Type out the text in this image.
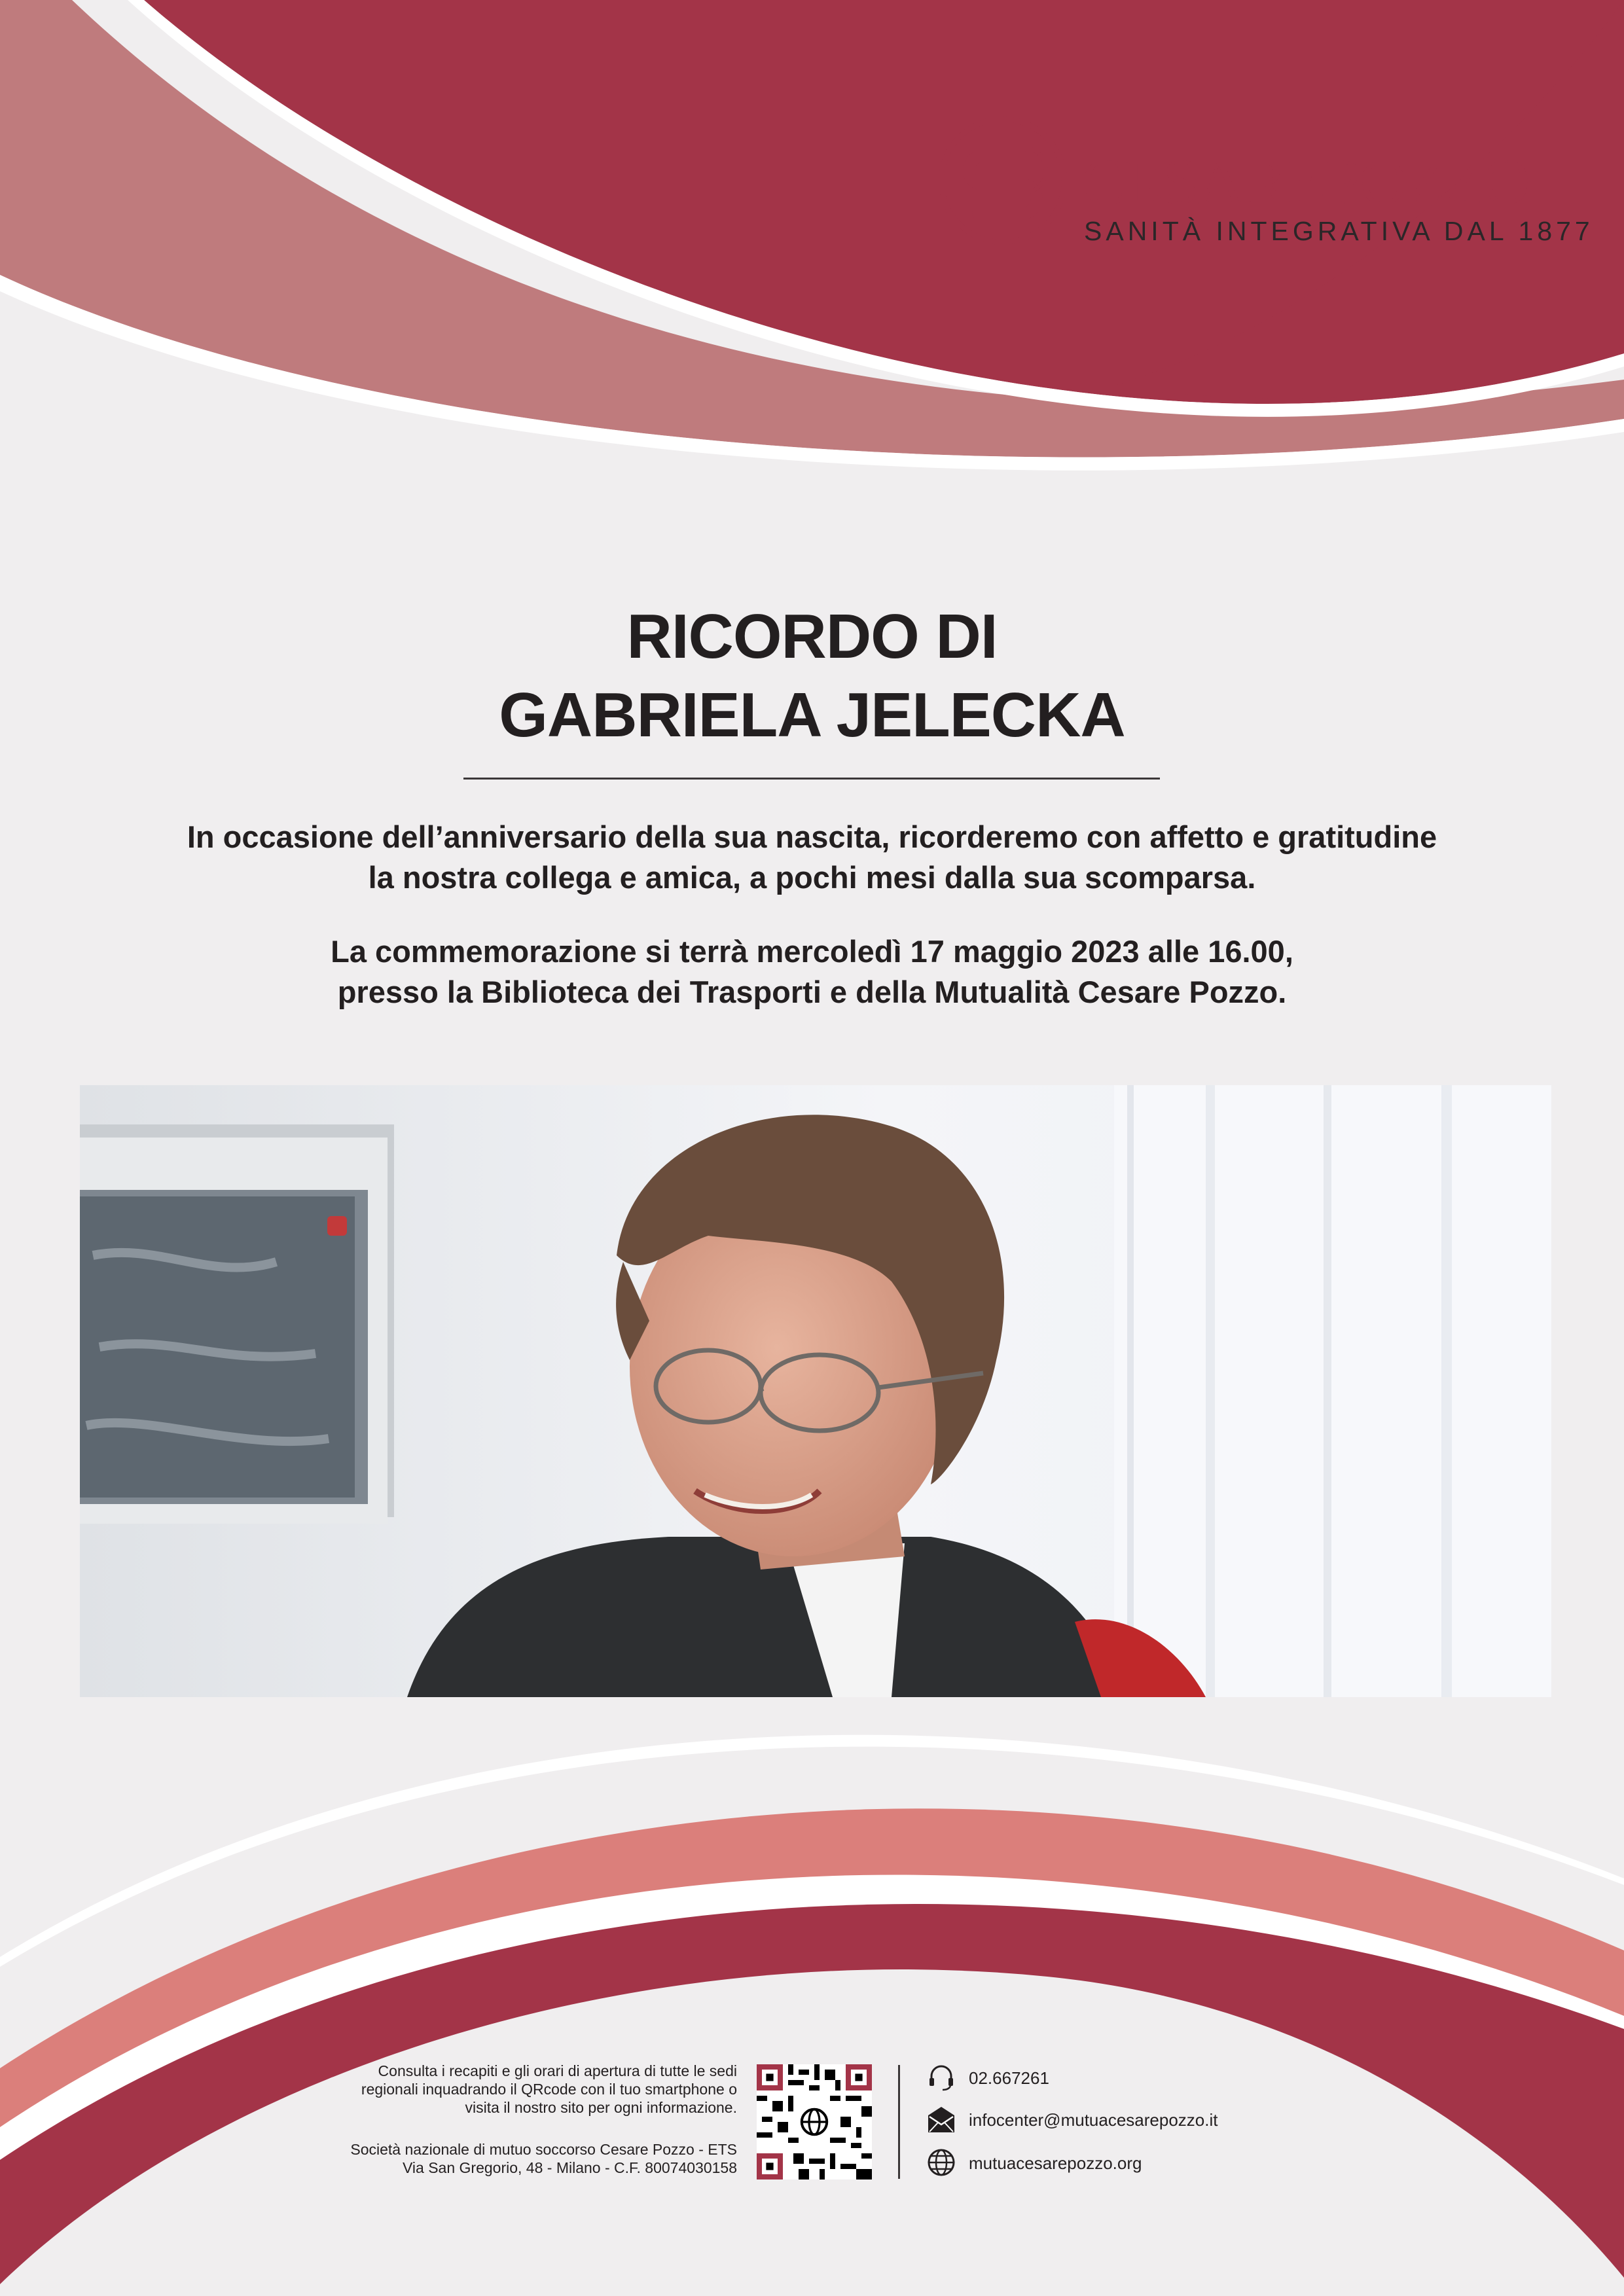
CESAREPOZZO
SANITÀ INTEGRATIVA DAL 1877
RICORDO DI
GABRIELA JELECKA
In occasione dell’anniversario della sua nascita, ricorderemo con affetto e gratitudine
la nostra collega e amica, a pochi mesi dalla sua scomparsa.
La commemorazione si terrà mercoledì 17 maggio 2023 alle 16.00,
presso la Biblioteca dei Trasporti e della Mutualità Cesare Pozzo.
Consulta i recapiti e gli orari di apertura di tutte le sedi
regionali inquadrando il QRcode con il tuo smartphone o
visita il nostro sito per ogni informazione.
Società nazionale di mutuo soccorso Cesare Pozzo - ETS
Via San Gregorio, 48 - Milano - C.F. 80074030158
02.667261
infocenter@mutuacesarepozzo.it
mutuacesarepozzo.org
